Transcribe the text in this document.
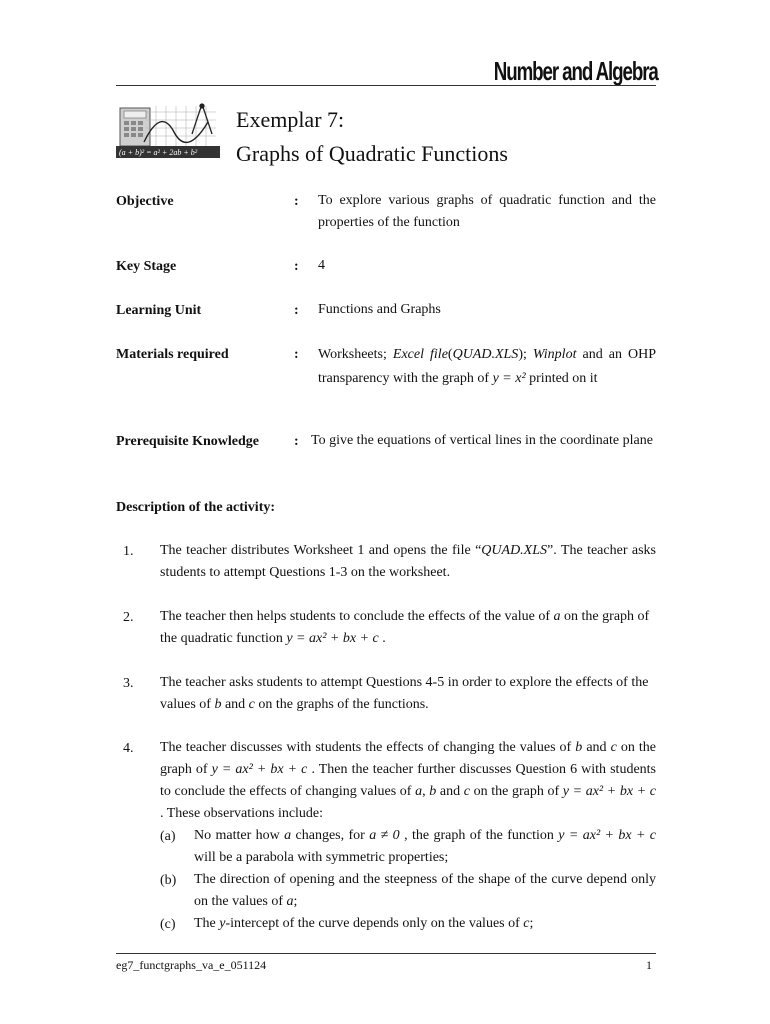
Number and Algebra
(a + b)² = a² + 2ab + b²
Exemplar 7:
Graphs of Quadratic Functions
Objective	: To explore various graphs of quadratic function and the properties of the function
Key Stage	: 4
Learning Unit	: Functions and Graphs
Materials required	: Worksheets; Excel file(QUAD.XLS); Winplot and an OHP transparency with the graph of y = x² printed on it
Prerequisite Knowledge	: To give the equations of vertical lines in the coordinate plane
Description of the activity:
1. The teacher distributes Worksheet 1 and opens the file “QUAD.XLS”. The teacher asks students to attempt Questions 1-3 on the worksheet.
2. The teacher then helps students to conclude the effects of the value of a on the graph of the quadratic function y = ax² + bx + c .
3. The teacher asks students to attempt Questions 4-5 in order to explore the effects of the values of b and c on the graphs of the functions.
4. The teacher discusses with students the effects of changing the values of b and c on the graph of y = ax² + bx + c . Then the teacher further discusses Question 6 with students to conclude the effects of changing values of a, b and c on the graph of y = ax² + bx + c . These observations include:
(a) No matter how a changes, for a ≠ 0 , the graph of the function y = ax² + bx + c will be a parabola with symmetric properties;
(b) The direction of opening and the steepness of the shape of the curve depend only on the values of a;
(c) The y-intercept of the curve depends only on the values of c;
eg7_functgraphs_va_e_051124	1
